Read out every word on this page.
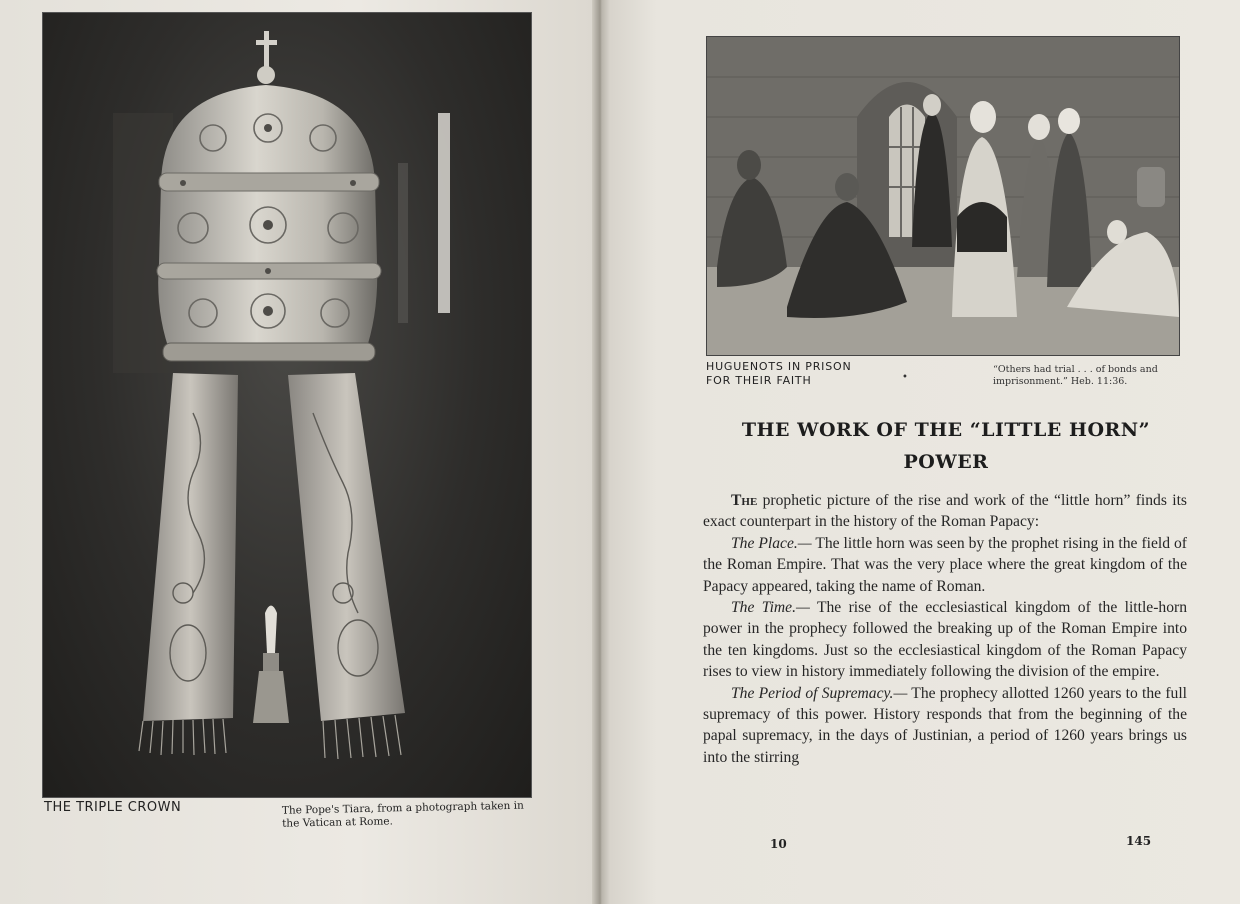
THE TRIPLE CROWN	The Pope's Tiara, from a photograph taken in the Vatican at Rome.
HUGUENOTS IN PRISON
FOR THEIR FAITH	•
“Others had trial . . . of bonds and imprisonment.” Heb. 11:36.
THE WORK OF THE “LITTLE HORN”
POWER

The prophetic picture of the rise and work of the “little horn” finds its exact counterpart in the history of the Roman Papacy:

The Place.— The little horn was seen by the prophet rising in the field of the Roman Empire. That was the very place where the great kingdom of the Papacy appeared, taking the name of Roman.

The Time.— The rise of the ecclesiastical kingdom of the little-horn power in the prophecy followed the breaking up of the Roman Empire into the ten kingdoms. Just so the ecclesiastical kingdom of the Roman Papacy rises to view in history immediately following the division of the empire.

The Period of Supremacy.— The prophecy allotted 1260 years to the full supremacy of this power. History responds that from the beginning of the papal supremacy, in the days of Justinian, a period of 1260 years brings us into the stirring

10	145
